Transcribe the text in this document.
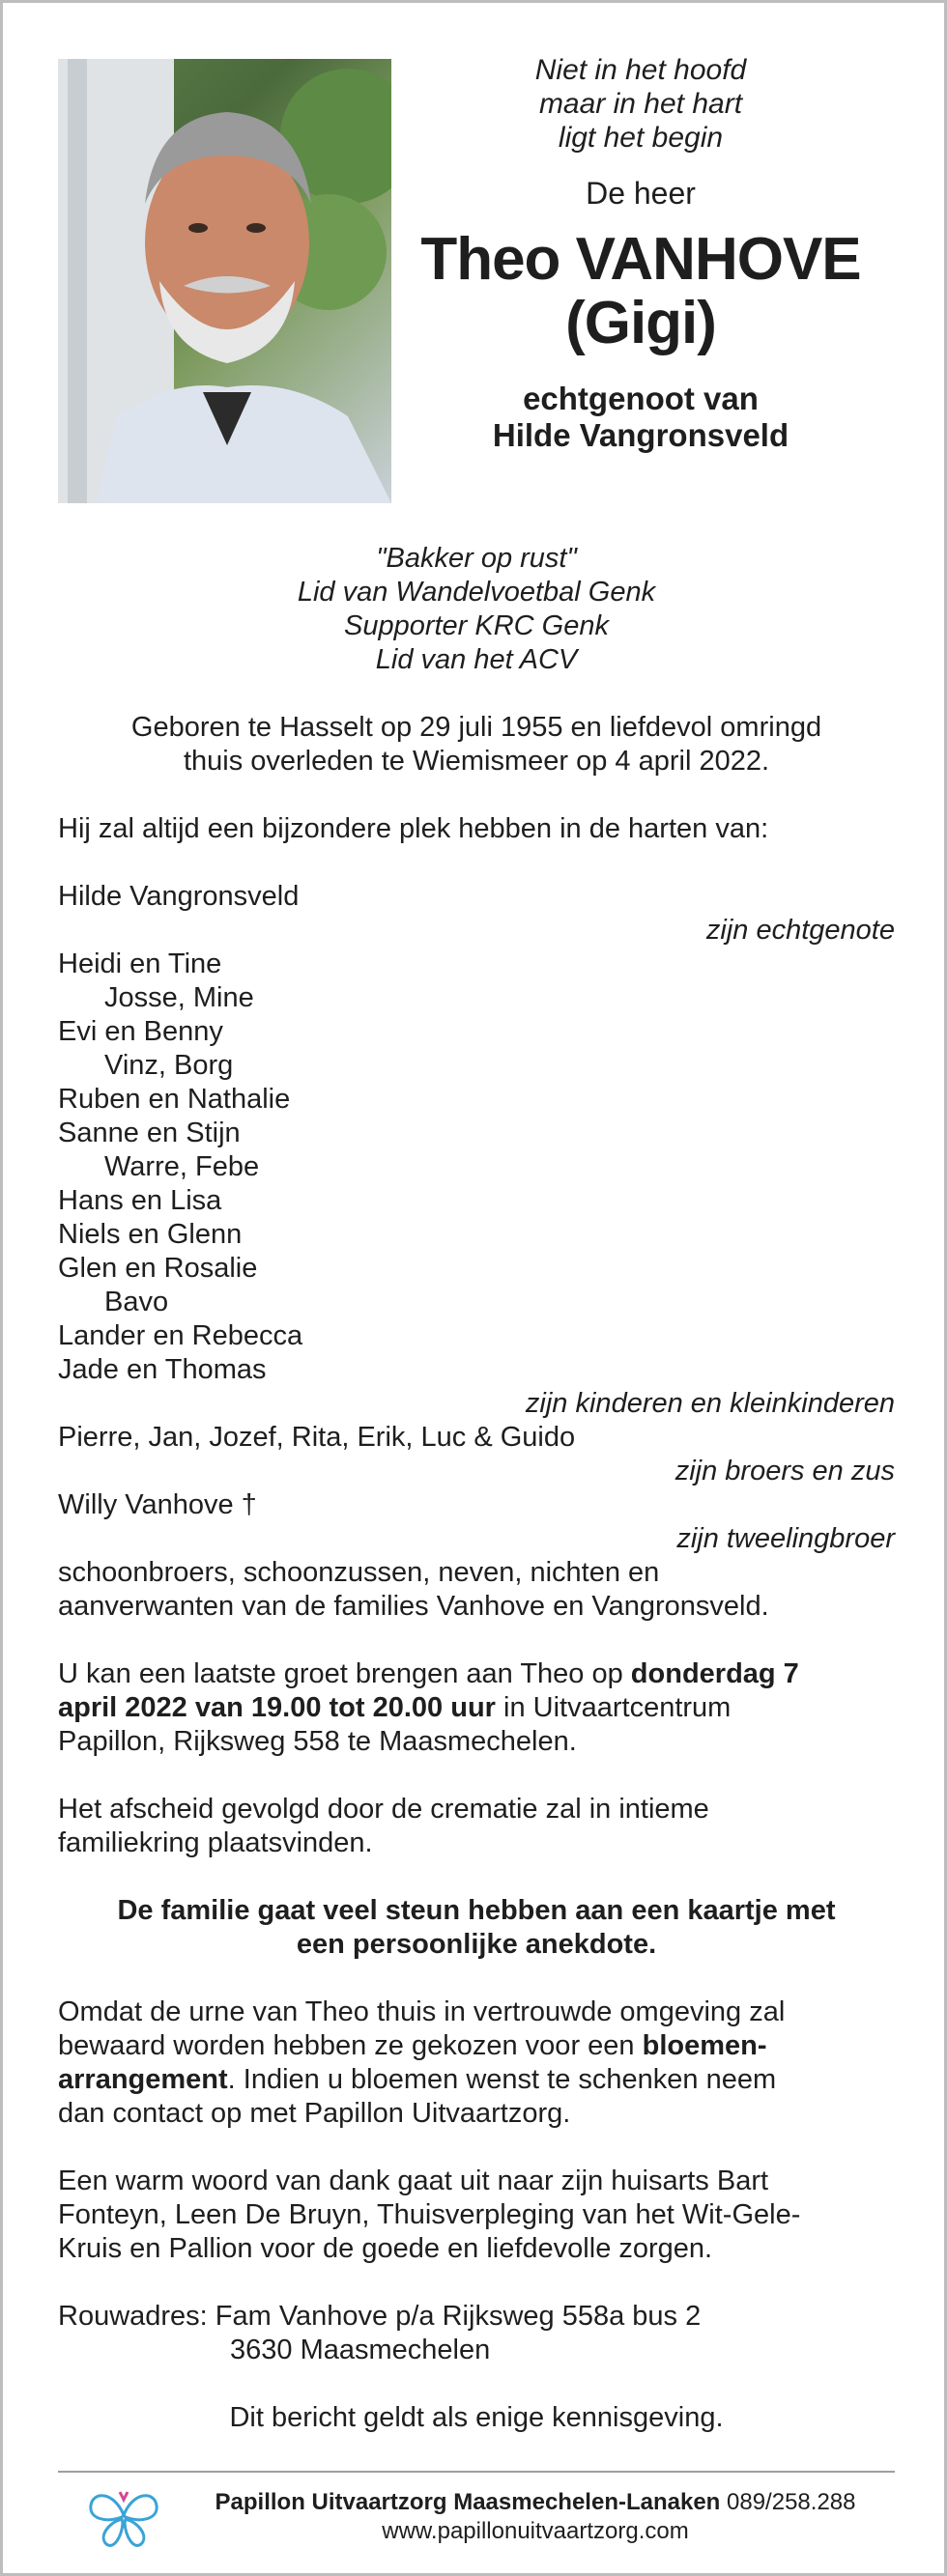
Niet in het hoofd
maar in het hart
ligt het begin
De heer
Theo VANHOVE
(Gigi)
echtgenoot van
Hilde Vangronsveld
"Bakker op rust"
Lid van Wandelvoetbal Genk
Supporter KRC Genk
Lid van het ACV
Geboren te Hasselt op 29 juli 1955 en liefdevol omringd
thuis overleden te Wiemismeer op 4 april 2022.
Hij zal altijd een bijzondere plek hebben in de harten van:
Hilde Vangronsveld
zijn echtgenote
Heidi en Tine
Josse, Mine
Evi en Benny
Vinz, Borg
Ruben en Nathalie
Sanne en Stijn
Warre, Febe
Hans en Lisa
Niels en Glenn
Glen en Rosalie
Bavo
Lander en Rebecca
Jade en Thomas
zijn kinderen en kleinkinderen
Pierre, Jan, Jozef, Rita, Erik, Luc & Guido
zijn broers en zus
Willy Vanhove †
zijn tweelingbroer
schoonbroers, schoonzussen, neven, nichten en
aanverwanten van de families Vanhove en Vangronsveld.
U kan een laatste groet brengen aan Theo op donderdag 7
april 2022 van 19.00 tot 20.00 uur in Uitvaartcentrum
Papillon, Rijksweg 558 te Maasmechelen.
Het afscheid gevolgd door de crematie zal in intieme
familiekring plaatsvinden.
De familie gaat veel steun hebben aan een kaartje met
een persoonlijke anekdote.
Omdat de urne van Theo thuis in vertrouwde omgeving zal
bewaard worden hebben ze gekozen voor een bloemen-
arrangement. Indien u bloemen wenst te schenken neem
dan contact op met Papillon Uitvaartzorg.
Een warm woord van dank gaat uit naar zijn huisarts Bart
Fonteyn, Leen De Bruyn, Thuisverpleging van het Wit-Gele-
Kruis en Pallion voor de goede en liefdevolle zorgen.
Rouwadres: Fam Vanhove p/a Rijksweg 558a bus 2
3630 Maasmechelen
Dit bericht geldt als enige kennisgeving.
Papillon Uitvaartzorg Maasmechelen-Lanaken 089/258.288
www.papillonuitvaartzorg.com
